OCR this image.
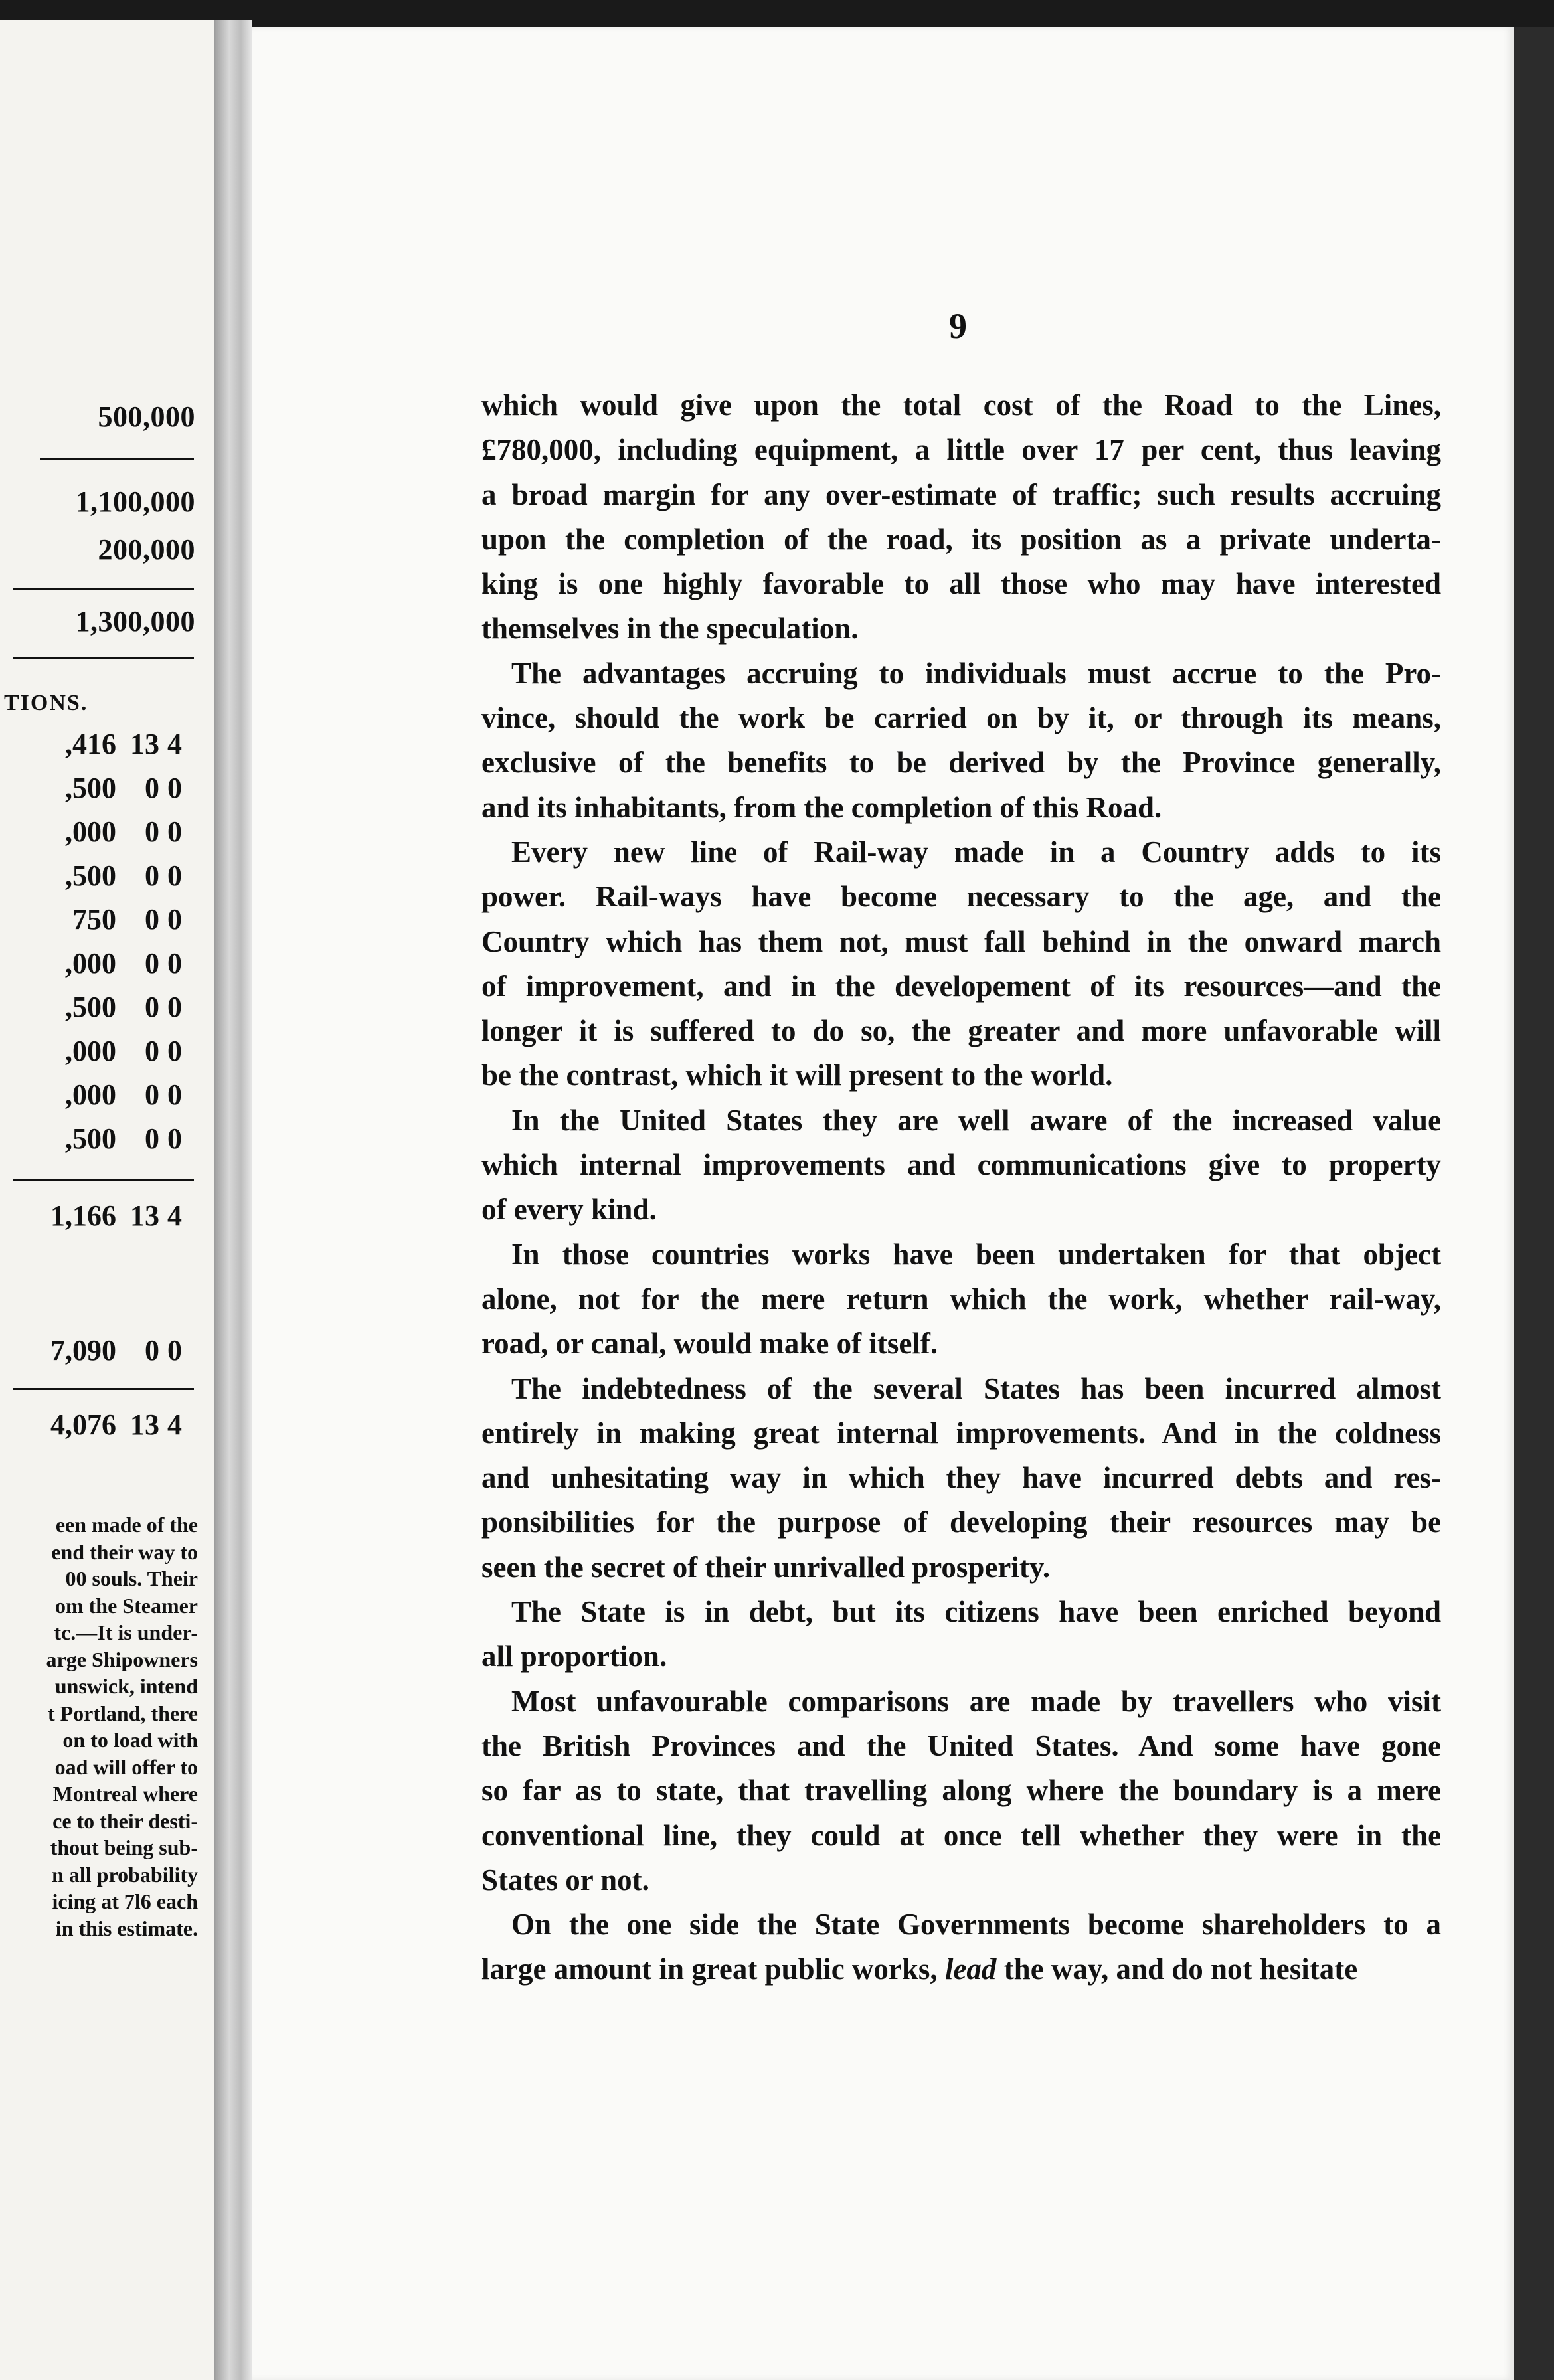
500,000
1,100,000
200,000
1,300,000
TIONS.
,416 13 4
,500 0 0
,000 0 0
,500 0 0
750 0 0
,000 0 0
,500 0 0
,000 0 0
,000 0 0
,500 0 0
1,166 13 4
7,090 0 0
4,076 13 4
een made of the
end their way to
00 souls. Their
om the Steamer
tc.—It is under-
arge Shipowners
unswick, intend
t Portland, there
on to load with
oad will offer to
Montreal where
ce to their desti-
thout being sub-
n all probability
icing at 7l6 each
in this estimate.
9
which would give upon the total cost of the Road to the Lines,
£780,000, including equipment, a little over 17 per cent, thus leaving
a broad margin for any over-estimate of traffic; such results accruing
upon the completion of the road, its position as a private underta-
king is one highly favorable to all those who may have interested
themselves in the speculation.
The advantages accruing to individuals must accrue to the Pro-
vince, should the work be carried on by it, or through its means,
exclusive of the benefits to be derived by the Province generally,
and its inhabitants, from the completion of this Road.
Every new line of Rail-way made in a Country adds to its
power. Rail-ways have become necessary to the age, and the
Country which has them not, must fall behind in the onward march
of improvement, and in the developement of its resources—and the
longer it is suffered to do so, the greater and more unfavorable will
be the contrast, which it will present to the world.
In the United States they are well aware of the increased value
which internal improvements and communications give to property
of every kind.
In those countries works have been undertaken for that object
alone, not for the mere return which the work, whether rail-way,
road, or canal, would make of itself.
The indebtedness of the several States has been incurred almost
entirely in making great internal improvements. And in the coldness
and unhesitating way in which they have incurred debts and res-
ponsibilities for the purpose of developing their resources may be
seen the secret of their unrivalled prosperity.
The State is in debt, but its citizens have been enriched beyond
all proportion.
Most unfavourable comparisons are made by travellers who visit
the British Provinces and the United States. And some have gone
so far as to state, that travelling along where the boundary is a mere
conventional line, they could at once tell whether they were in the
States or not.
On the one side the State Governments become shareholders to a
large amount in great public works, lead the way, and do not hesitate
